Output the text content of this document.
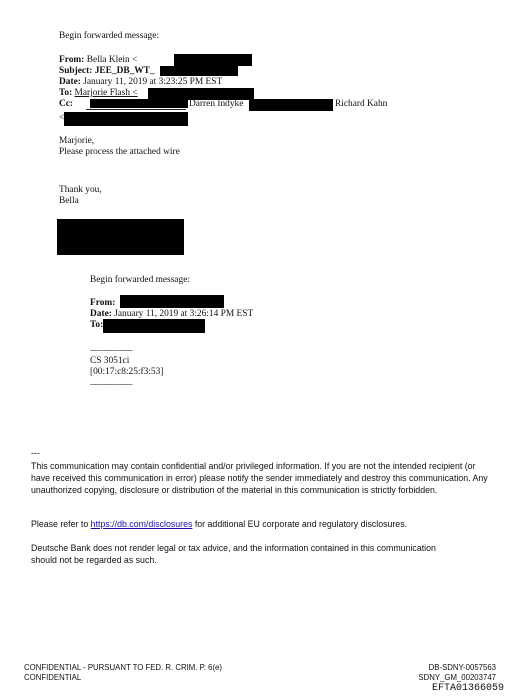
Begin forwarded message:
From: Bella Klein <
Subject: JEE_DB_WT_
Date: January 11, 2019 at 3:23:25 PM EST
To: Marjorie Flash <
Cc:	Darren Indyke	Richard Kahn
<
Marjorie,
Please process the attached wire
Thank you,
Bella
Begin forwarded message:
From:
Date: January 11, 2019 at 3:26:14 PM EST
To:
-------------------
CS 3051ci
[00:17:c8:25:f3:53]
-------------------
---
This communication may contain confidential and/or privileged information. If you are not the intended recipient (or have received this communication in error) please notify the sender immediately and destroy this communication. Any unauthorized copying, disclosure or distribution of the material in this communication is strictly forbidden.
Please refer to https://db.com/disclosures for additional EU corporate and regulatory disclosures.
Deutsche Bank does not render legal or tax advice, and the information contained in this communication should not be regarded as such.
CONFIDENTIAL - PURSUANT TO FED. R. CRIM. P. 6(e)
CONFIDENTIAL
DB-SDNY-0057563
SDNY_GM_00203747
EFTA01366059
